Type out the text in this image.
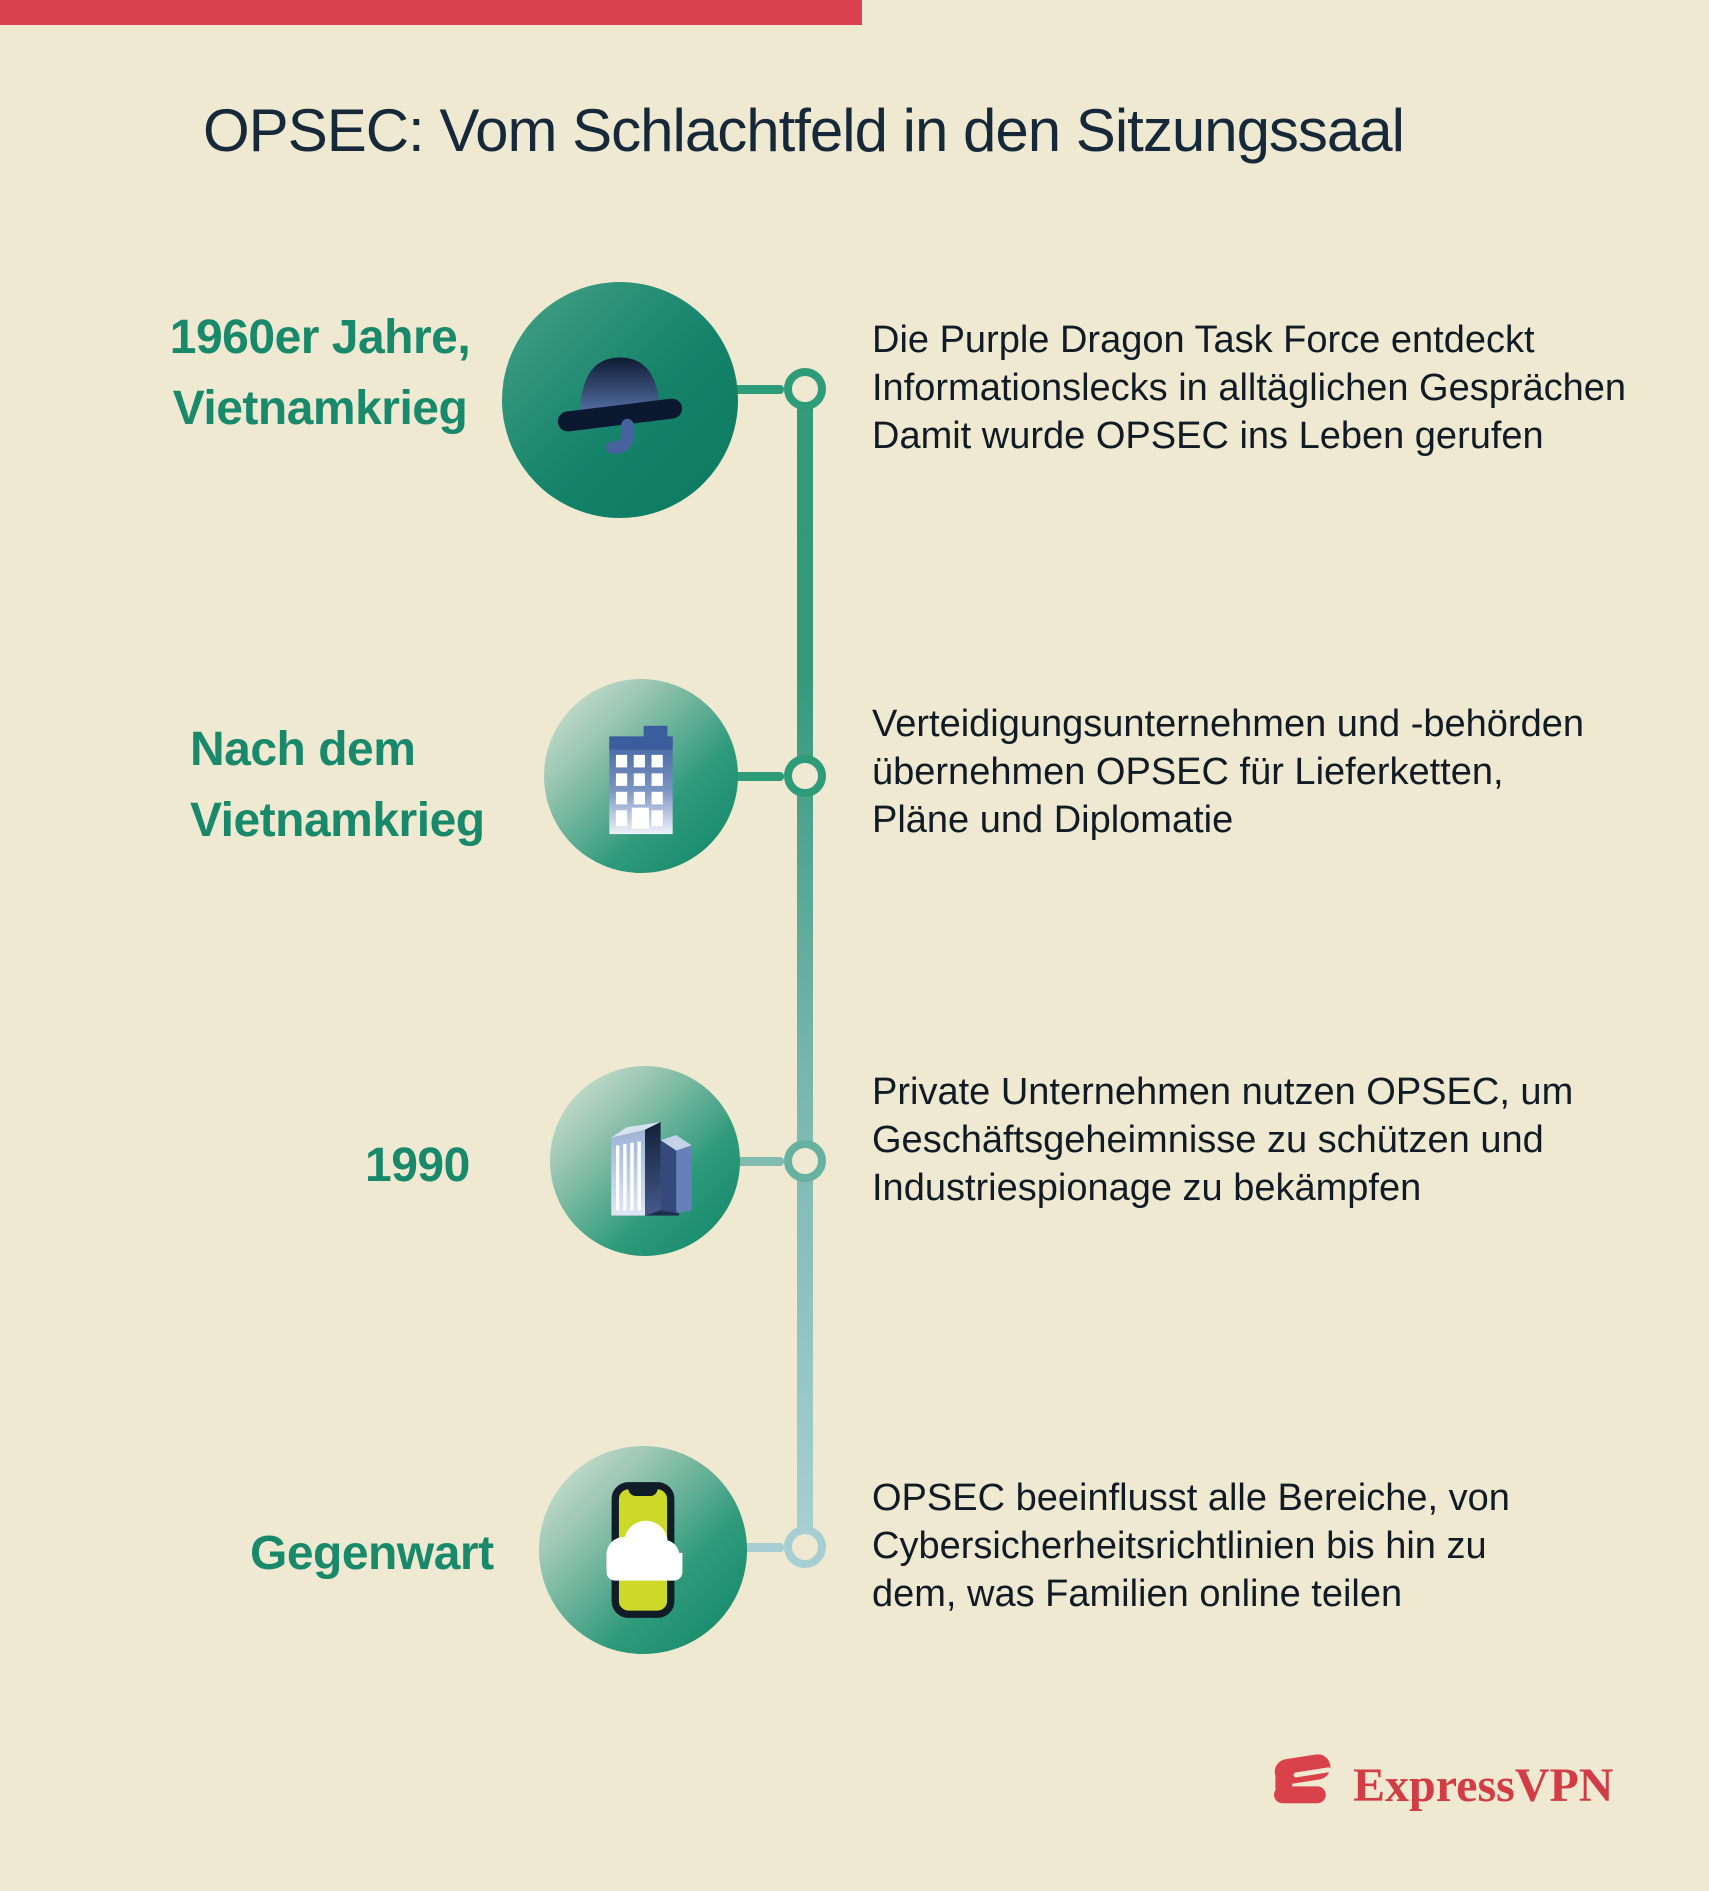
OPSEC: Vom Schlachtfeld in den Sitzungssaal
1960er Jahre,
Vietnamkrieg
Die Purple Dragon Task Force entdeckt
Informationslecks in alltäglichen Gesprächen
Damit wurde OPSEC ins Leben gerufen
Nach dem
Vietnamkrieg
Verteidigungsunternehmen und -behörden
übernehmen OPSEC für Lieferketten,
Pläne und Diplomatie
1990
Private Unternehmen nutzen OPSEC, um
Geschäftsgeheimnisse zu schützen und
Industriespionage zu bekämpfen
Gegenwart
OPSEC beeinflusst alle Bereiche, von
Cybersicherheitsrichtlinien bis hin zu
dem, was Familien online teilen
ExpressVPN
